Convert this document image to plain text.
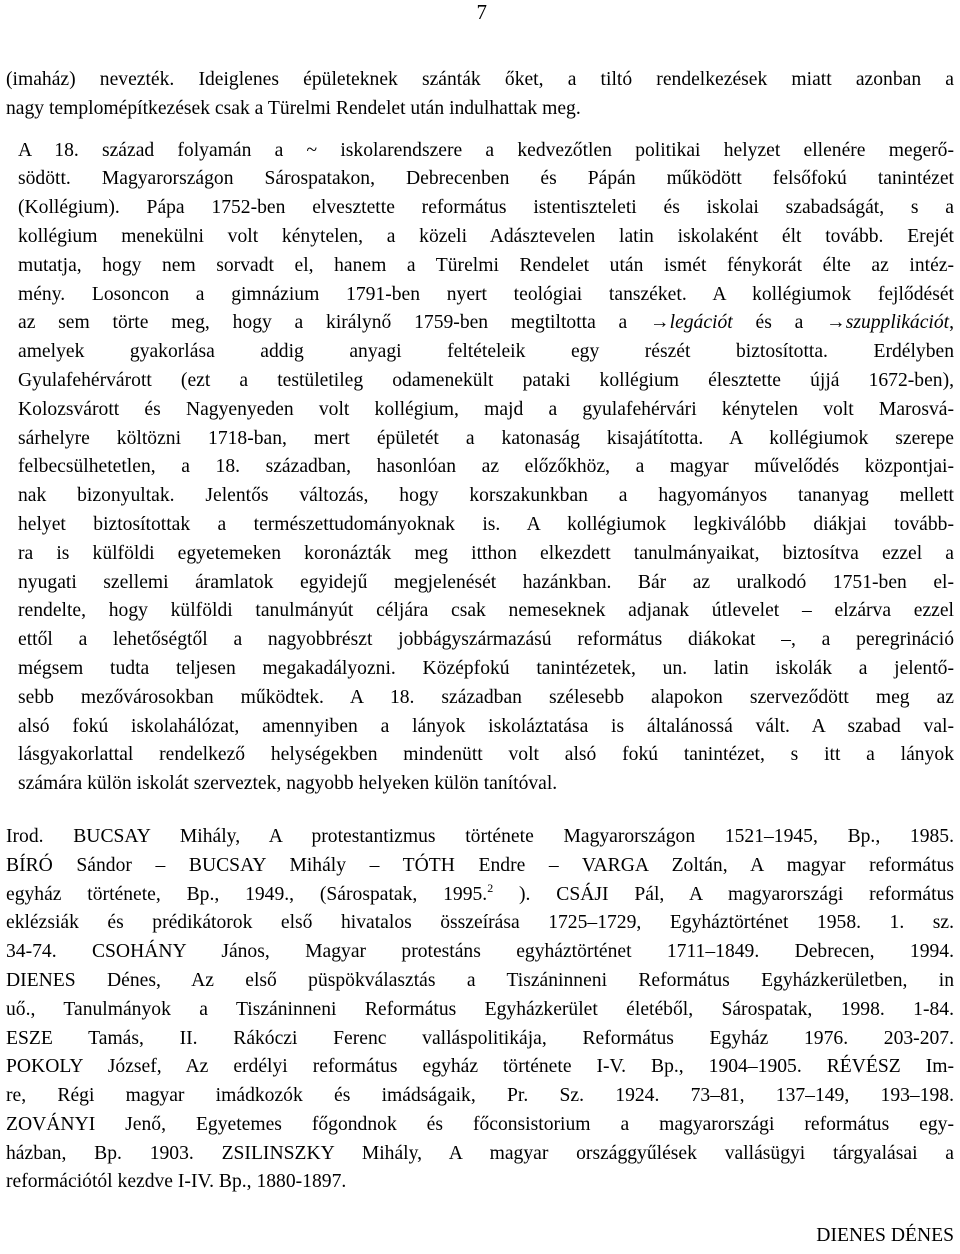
7

(imaház) nevezték. Ideiglenes épületeknek szánták őket, a tiltó rendelkezések miatt azonban a
nagy templomépítkezések csak a Türelmi Rendelet után indulhattak meg.

A 18. század folyamán a ~ iskolarendszere a kedvezőtlen politikai helyzet ellenére megerő-
södött. Magyarországon Sárospatakon, Debrecenben és Pápán működött felsőfokú tanintézet
(Kollégium). Pápa 1752-ben elvesztette református istentiszteleti és iskolai szabadságát, s a
kollégium menekülni volt kénytelen, a közeli Adásztevelen latin iskolaként élt tovább. Erejét
mutatja, hogy nem sorvadt el, hanem a Türelmi Rendelet után ismét fénykorát élte az intéz-
mény. Losoncon a gimnázium 1791-ben nyert teológiai tanszéket. A kollégiumok fejlődését
az sem törte meg, hogy a királynő 1759-ben megtiltotta a →legációt és a →szupplikációt,
amelyek gyakorlása addig anyagi feltételeik egy részét biztosította. Erdélyben
Gyulafehérvárott (ezt a testületileg odamenekült pataki kollégium élesztette újjá 1672-ben),
Kolozsvárott és Nagyenyeden volt kollégium, majd a gyulafehérvári kénytelen volt Marosvá-
sárhelyre költözni 1718-ban, mert épületét a katonaság kisajátította. A kollégiumok szerepe
felbecsülhetetlen, a 18. században, hasonlóan az előzőkhöz, a magyar művelődés központjai-
nak bizonyultak. Jelentős változás, hogy korszakunkban a hagyományos tananyag mellett
helyet biztosítottak a természettudományoknak is. A kollégiumok legkiválóbb diákjai tovább-
ra is külföldi egyetemeken koronázták meg itthon elkezdett tanulmányaikat, biztosítva ezzel a
nyugati szellemi áramlatok egyidejű megjelenését hazánkban. Bár az uralkodó 1751-ben el-
rendelte, hogy külföldi tanulmányút céljára csak nemeseknek adjanak útlevelet – elzárva ezzel
ettől a lehetőségtől a nagyobbrészt jobbágyszármazású református diákokat –, a peregrináció
mégsem tudta teljesen megakadályozni. Középfokú tanintézetek, un. latin iskolák a jelentő-
sebb mezővárosokban működtek. A 18. században szélesebb alapokon szerveződött meg az
alsó fokú iskolahálózat, amennyiben a lányok iskoláztatása is általánossá vált. A szabad val-
lásgyakorlattal rendelkező helységekben mindenütt volt alsó fokú tanintézet, s itt a lányok
számára külön iskolát szerveztek, nagyobb helyeken külön tanítóval.

Irod. BUCSAY Mihály, A protestantizmus története Magyarországon 1521–1945, Bp., 1985.
BÍRÓ Sándor – BUCSAY Mihály – TÓTH Endre – VARGA Zoltán, A magyar református
egyház története, Bp., 1949., (Sárospatak, 1995.$^2$ ). CSÁJI Pál, A magyarországi református
eklézsiák és prédikátorok első hivatalos összeírása 1725–1729, Egyháztörténet 1958. 1. sz.
34-74. CSOHÁNY János, Magyar protestáns egyháztörténet 1711–1849. Debrecen, 1994.
DIENES Dénes, Az első püspökválasztás a Tiszáninneni Református Egyházkerületben, in
uő., Tanulmányok a Tiszáninneni Református Egyházkerület életéből, Sárospatak, 1998. 1-84.
ESZE Tamás, II. Rákóczi Ferenc valláspolitikája, Református Egyház 1976. 203-207.
POKOLY József, Az erdélyi református egyház története I-V. Bp., 1904–1905. RÉVÉSZ Im-
re, Régi magyar imádkozók és imádságaik, Pr. Sz. 1924. 73–81, 137–149, 193–198.
ZOVÁNYI Jenő, Egyetemes főgondnok és főconsistorium a magyarországi református egy-
házban, Bp. 1903. ZSILINSZKY Mihály, A magyar országgyűlések vallásügyi tárgyalásai a
reformációtól kezdve I-IV. Bp., 1880-1897.

DIENES DÉNES
